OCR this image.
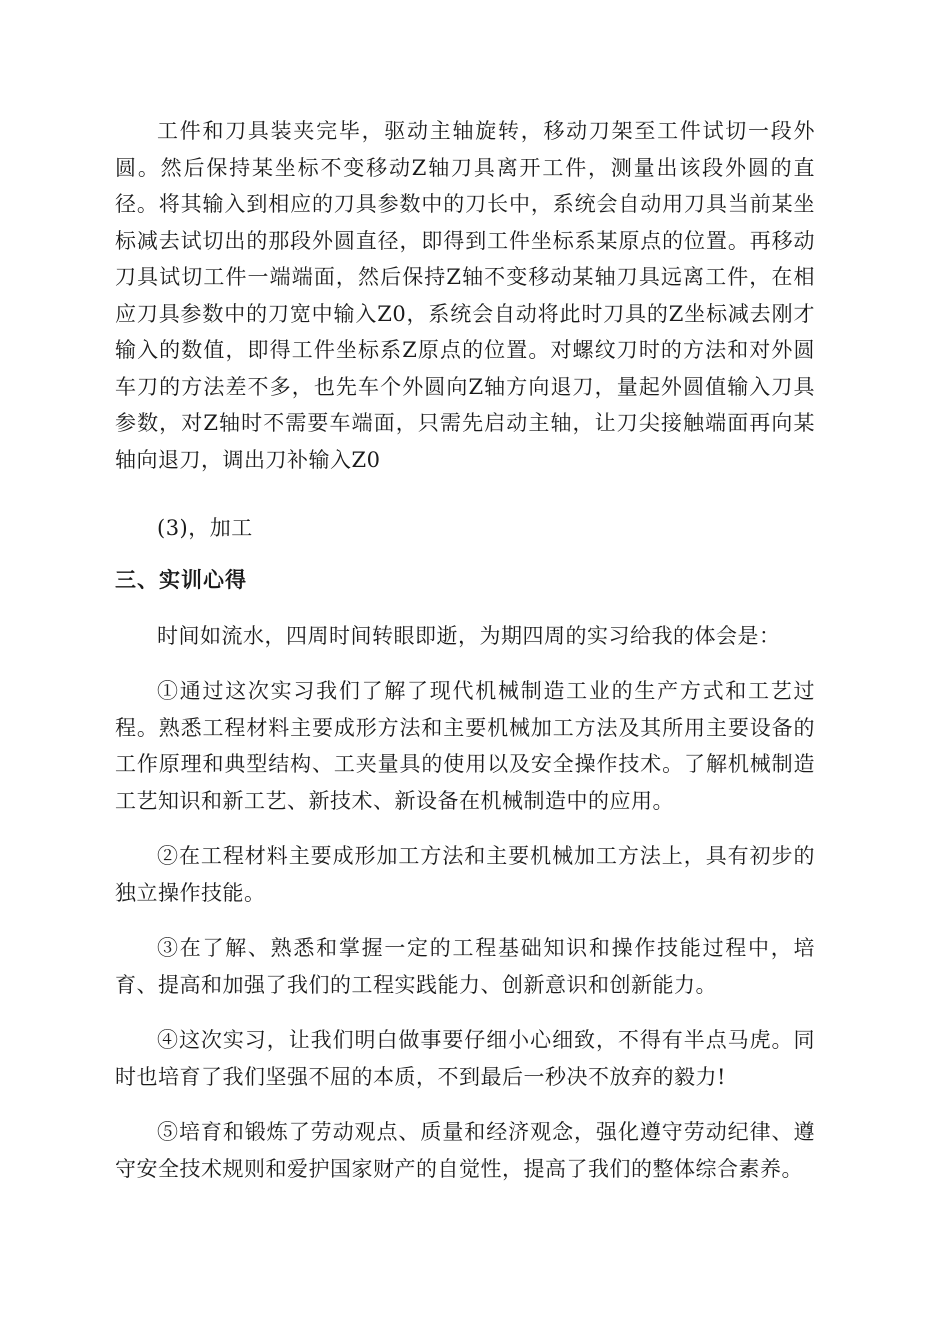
工件和刀具装夹完毕，驱动主轴旋转，移动刀架至工件试切一段外圆。然后保持某坐标不变移动Z轴刀具离开工件，测量出该段外圆的直径。将其输入到相应的刀具参数中的刀长中，系统会自动用刀具当前某坐标减去试切出的那段外圆直径，即得到工件坐标系某原点的位置。再移动刀具试切工件一端端面，然后保持Z轴不变移动某轴刀具远离工件，在相应刀具参数中的刀宽中输入Z0，系统会自动将此时刀具的Z坐标减去刚才输入的数值，即得工件坐标系Z原点的位置。对螺纹刀时的方法和对外圆车刀的方法差不多，也先车个外圆向Z轴方向退刀，量起外圆值输入刀具参数，对Z轴时不需要车端面，只需先启动主轴，让刀尖接触端面再向某轴向退刀，调出刀补输入Z0

(3)，加工

三、实训心得

时间如流水，四周时间转眼即逝，为期四周的实习给我的体会是：

①通过这次实习我们了解了现代机械制造工业的生产方式和工艺过程。熟悉工程材料主要成形方法和主要机械加工方法及其所用主要设备的工作原理和典型结构、工夹量具的使用以及安全操作技术。了解机械制造工艺知识和新工艺、新技术、新设备在机械制造中的应用。

②在工程材料主要成形加工方法和主要机械加工方法上，具有初步的独立操作技能。

③在了解、熟悉和掌握一定的工程基础知识和操作技能过程中，培育、提高和加强了我们的工程实践能力、创新意识和创新能力。

④这次实习，让我们明白做事要仔细小心细致，不得有半点马虎。同时也培育了我们坚强不屈的本质，不到最后一秒决不放弃的毅力!

⑤培育和锻炼了劳动观点、质量和经济观念，强化遵守劳动纪律、遵守安全技术规则和爱护国家财产的自觉性，提高了我们的整体综合素养。
